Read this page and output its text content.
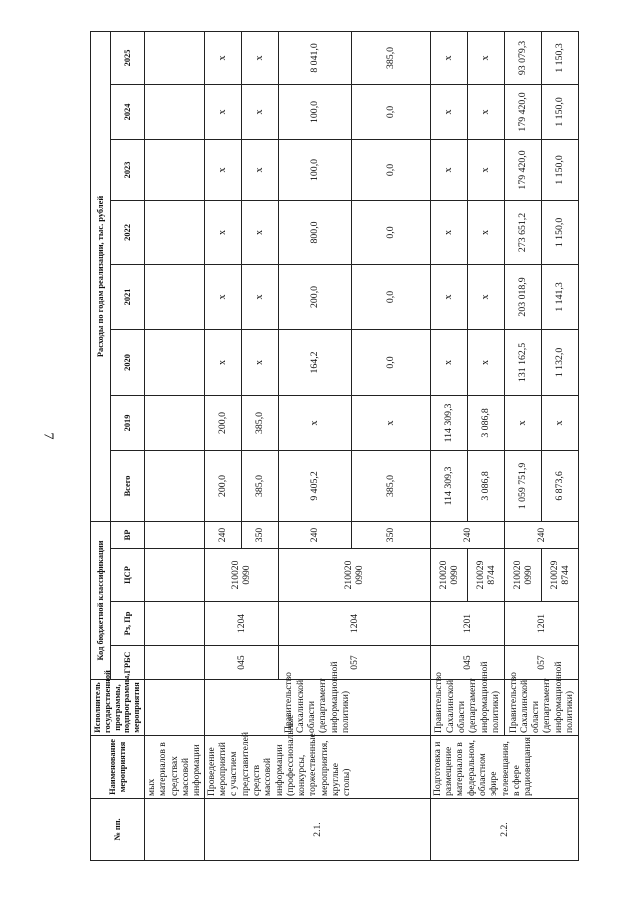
7
№ пп.	Наименование мероприятия	Исполнитель государственной программы, подпрограммы, мероприятия	Код бюджетной классификации				Расходы по годам реализации, тыс. рублей							
			ГРБС	Рз, Пр	ЦСР	ВР	Всего	2019	2020	2021	2022	2023	2024	2025
	мых материалов в средствах массовой информации													
2.1.	Проведение мероприятий с участием представителей средств массовой информации (профессиональные конкурсы, торжественные мероприятия, круглые столы)	Правительство Сахалинской области (департамент информационной политики)	045	1204	210020 0990	240	200,0	200,0	x	x	x	x	x	x
						350	385,0	385,0	x	x	x	x	x	x
			057	1204	210020 0990	240	9 405,2	x	164,2	200,0	800,0	100,0	100,0	8 041,0
						350	385,0	x	0,0	0,0	0,0	0,0	0,0	385,0
2.2.	Подготовка и размещение материалов в федеральном, областном эфире телевещания, в сфере радиовещания	Правительство Сахалинской области (департамент информационной политики)	045	1201	210020 0990	240	114 309,3	114 309,3	x	x	x	x	x	x
					210029 8744		3 086,8	3 086,8	x	x	x	x	x	x
		Правительство Сахалинской области (департамент информационной политики)	057	1201	210020 0990	240	1 059 751,9	x	131 162,5	203 018,9	273 651,2	179 420,0	179 420,0	93 079,3
					210029 8744		6 873,6	x	1 132,0	1 141,3	1 150,0	1 150,0	1 150,0	1 150,3
